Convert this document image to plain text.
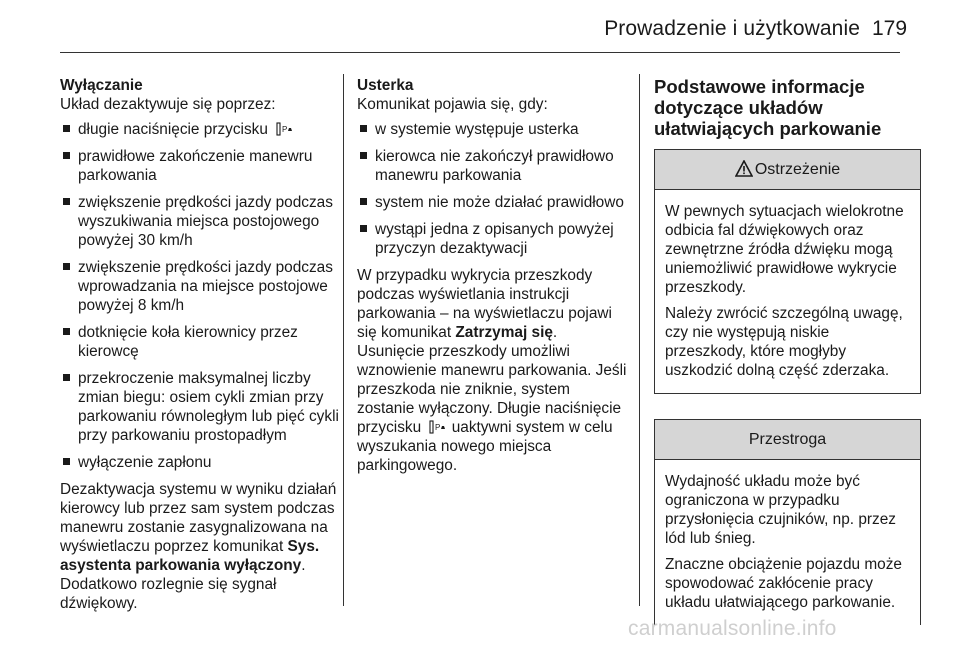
Prowadzenie i użytkowanie 179
Wyłączanie
Układ dezaktywuje się poprzez:
długie naciśnięcie przycisku P
prawidłowe zakończenie manewru parkowania
zwiększenie prędkości jazdy podczas wyszukiwania miejsca postojowego powyżej 30 km/h
zwiększenie prędkości jazdy podczas wprowadzania na miejsce postojowe powyżej 8 km/h
dotknięcie koła kierownicy przez kierowcę
przekroczenie maksymalnej liczby zmian biegu: osiem cykli zmian przy parkowaniu równoległym lub pięć cykli przy parkowaniu prostopadłym
wyłączenie zapłonu

Dezaktywacja systemu w wyniku działań kierowcy lub przez sam system podczas manewru zostanie zasygnalizowana na wyświetlaczu poprzez komunikat Sys. asystenta parkowania wyłączony. Dodatkowo rozlegnie się sygnał dźwiękowy.

Usterka
Komunikat pojawia się, gdy:
w systemie występuje usterka
kierowca nie zakończył prawidłowo manewru parkowania
system nie może działać prawidłowo
wystąpi jedna z opisanych powyżej przyczyn dezaktywacji

W przypadku wykrycia przeszkody podczas wyświetlania instrukcji parkowania – na wyświetlaczu pojawi się komunikat Zatrzymaj się. Usunięcie przeszkody umożliwi wznowienie manewru parkowania. Jeśli przeszkoda nie zniknie, system zostanie wyłączony. Długie naciśnięcie przycisku P uaktywni system w celu wyszukania nowego miejsca parkingowego.

Podstawowe informacje dotyczące układów ułatwiających parkowanie
Ostrzeżenie

W pewnych sytuacjach wielokrotne odbicia fal dźwiękowych oraz zewnętrzne źródła dźwięku mogą uniemożliwić prawidłowe wykrycie przeszkody.

Należy zwrócić szczególną uwagę, czy nie występują niskie przeszkody, które mogłyby uszkodzić dolną część zderzaka.

Przestroga

Wydajność układu może być ograniczona w przypadku przysłonięcia czujników, np. przez lód lub śnieg.

Znaczne obciążenie pojazdu może spowodować zakłócenie pracy układu ułatwiającego parkowanie.

carmanualsonline.info
